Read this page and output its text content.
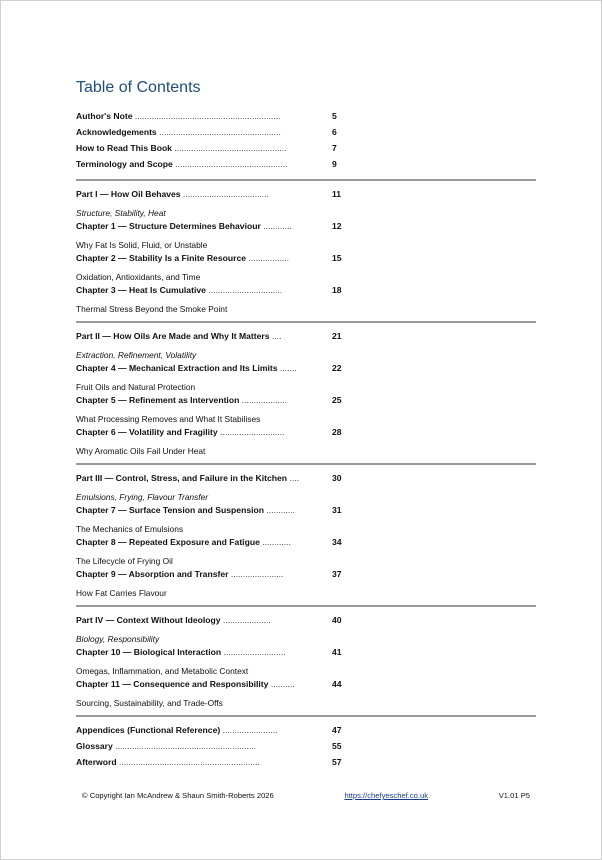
Table of Contents
Author's Note .............................................................	5
Acknowledgements ...................................................	6
How to Read This Book ...............................................	7
Terminology and Scope ...............................................	9
Part I — How Oil Behaves ....................................	11
Structure, Stability, Heat
Chapter 1 — Structure Determines Behaviour ............	12
Why Fat Is Solid, Fluid, or Unstable
Chapter 2 — Stability Is a Finite Resource .................	15
Oxidation, Antioxidants, and Time
Chapter 3 — Heat Is Cumulative ...............................	18
Thermal Stress Beyond the Smoke Point
Part II — How Oils Are Made and Why It Matters ....	21
Extraction, Refinement, Volatility
Chapter 4 — Mechanical Extraction and Its Limits .......	22
Fruit Oils and Natural Protection
Chapter 5 — Refinement as Intervention ...................	25
What Processing Removes and What It Stabilises
Chapter 6 — Volatility and Fragility ...........................	28
Why Aromatic Oils Fail Under Heat
Part III — Control, Stress, and Failure in the Kitchen ....	30
Emulsions, Frying, Flavour Transfer
Chapter 7 — Surface Tension and Suspension ............	31
The Mechanics of Emulsions
Chapter 8 — Repeated Exposure and Fatigue ............	34
The Lifecycle of Frying Oil
Chapter 9 — Absorption and Transfer ......................	37
How Fat Carries Flavour
Part IV — Context Without Ideology ....................	40
Biology, Responsibility
Chapter 10 — Biological Interaction ..........................	41
Omegas, Inflammation, and Metabolic Context
Chapter 11 — Consequence and Responsibility ..........	44
Sourcing, Sustainability, and Trade-Offs
Appendices (Functional Reference) .......................	47
Glossary ...........................................................	55
Afterword ...........................................................	57
© Copyright Ian McAndrew & Shaun Smith-Roberts 2026	https://chefyeschef.co.uk	V1.01 P5
